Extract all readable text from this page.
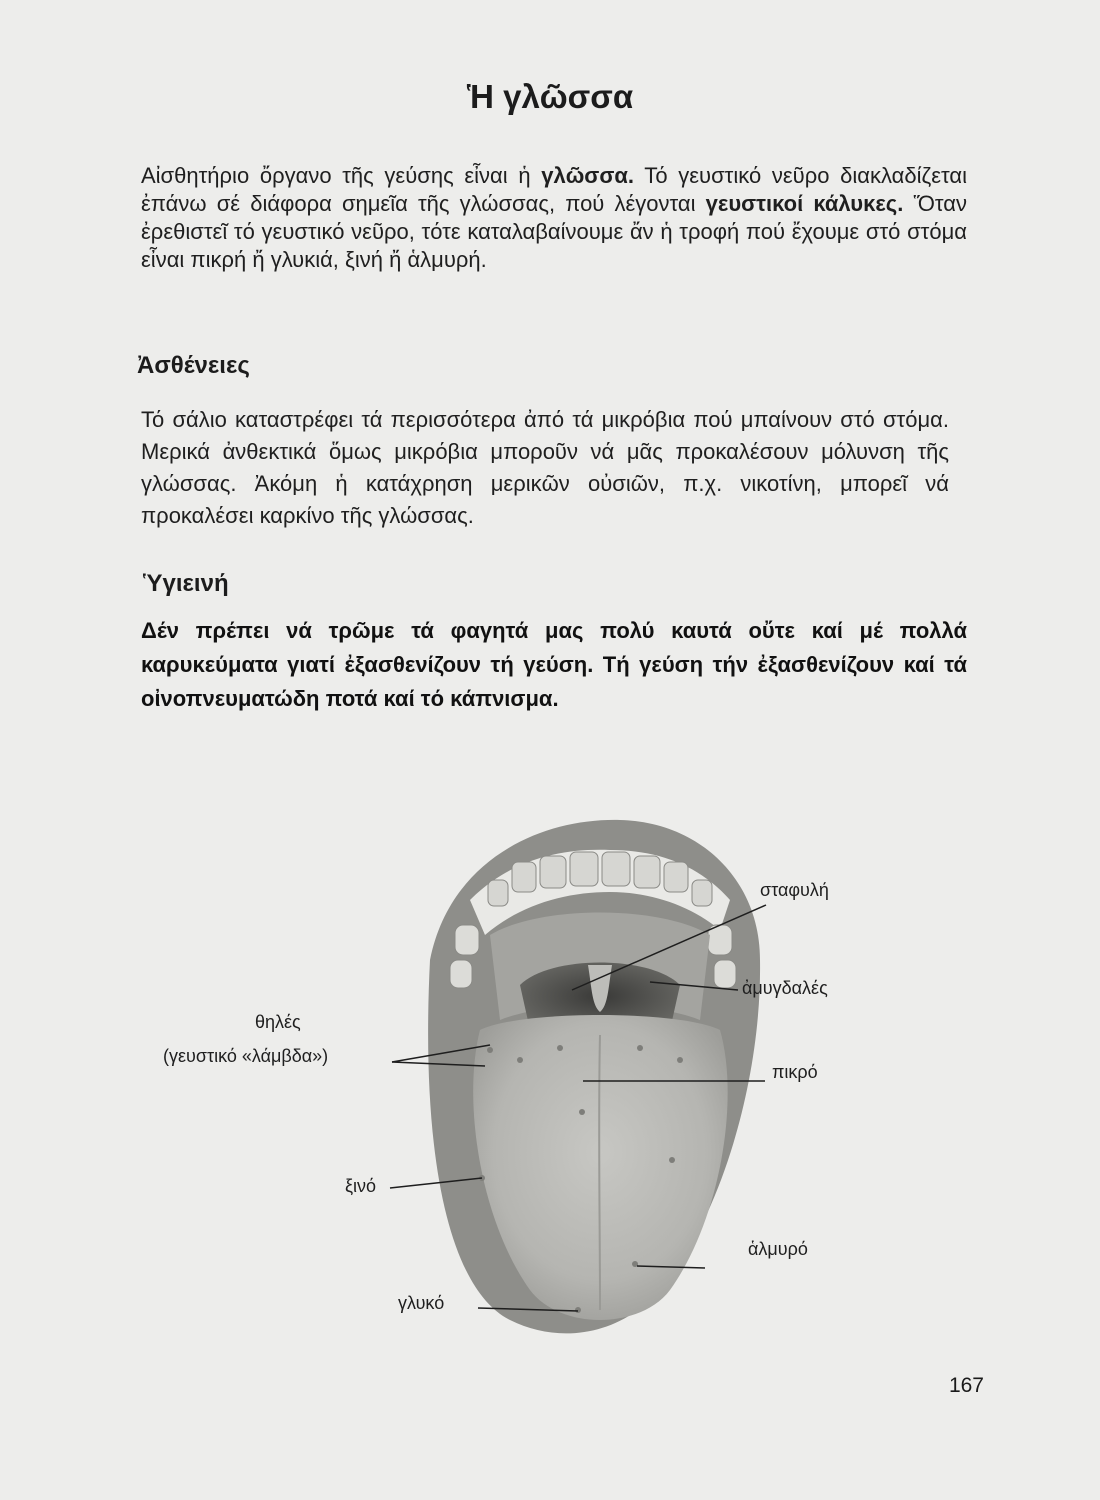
Ἡ γλῶσσα
Αἰσθητήριο ὄργανο τῆς γεύσης εἶναι ἡ γλῶσσα. Τό γευστικό νεῦρο διακλαδίζεται ἐπάνω σέ διάφορα σημεῖα τῆς γλώσσας, πού λέγονται γευστικοί κάλυκες. Ὅταν ἐρεθιστεῖ τό γευστικό νεῦρο, τότε καταλαβαίνουμε ἄν ἡ τροφή πού ἔχουμε στό στόμα εἶναι πικρή ἤ γλυκιά, ξινή ἤ ἁλμυρή.
Ἀσθένειες
Τό σάλιο καταστρέφει τά περισσότερα ἀπό τά μικρόβια πού μπαίνουν στό στόμα. Μερικά ἀνθεκτικά ὅμως μικρόβια μποροῦν νά μᾶς προκαλέσουν μόλυνση τῆς γλώσσας. Ἀκόμη ἡ κατάχρηση μερικῶν οὐσιῶν, π.χ. νικοτίνη, μπορεῖ νά προκαλέσει καρκίνο τῆς γλώσσας.
Ὑγιεινή
Δέν πρέπει νά τρῶμε τά φαγητά μας πολύ καυτά οὔτε καί μέ πολλά καρυκεύματα γιατί ἐξασθενίζουν τή γεύση. Τή γεύση τήν ἐξασθενίζουν καί τά οἰνοπνευματώδη ποτά καί τό κάπνισμα.
σταφυλή
ἀμυγδαλές
θηλές
(γευστικό «λάμβδα»)
πικρό
ξινό
ἁλμυρό
γλυκό
167
